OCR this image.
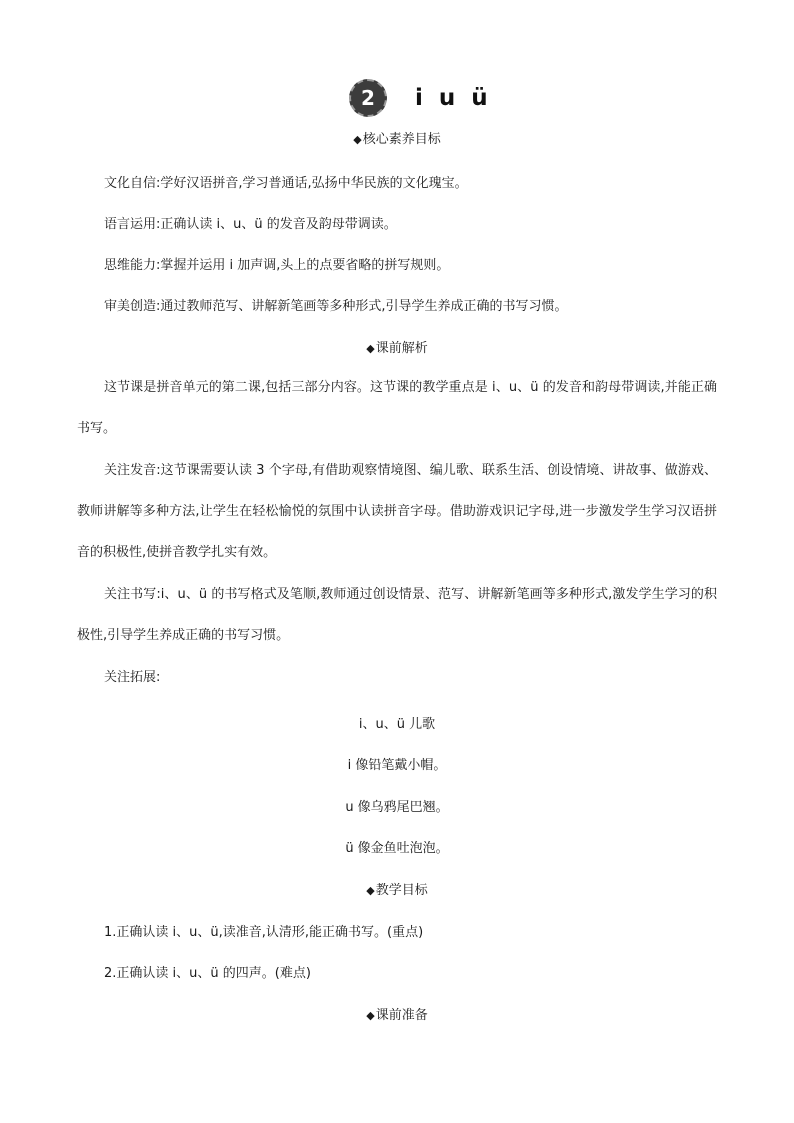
2 i u ü
◆核心素养目标
文化自信:学好汉语拼音,学习普通话,弘扬中华民族的文化瑰宝。
语言运用:正确认读 i、u、ü 的发音及韵母带调读。
思维能力:掌握并运用 i 加声调,头上的点要省略的拼写规则。
审美创造:通过教师范写、讲解新笔画等多种形式,引导学生养成正确的书写习惯。
◆课前解析

这节课是拼音单元的第二课,包括三部分内容。这节课的教学重点是 i、u、ü 的发音和韵母带调读,并能正确书写。

关注发音:这节课需要认读 3 个字母,有借助观察情境图、编儿歌、联系生活、创设情境、讲故事、做游戏、教师讲解等多种方法,让学生在轻松愉悦的氛围中认读拼音字母。借助游戏识记字母,进一步激发学生学习汉语拼音的积极性,使拼音教学扎实有效。

关注书写:i、u、ü 的书写格式及笔顺,教师通过创设情景、范写、讲解新笔画等多种形式,激发学生学习的积极性,引导学生养成正确的书写习惯。

关注拓展:

i、u、ü 儿歌
i 像铅笔戴小帽。
u 像乌鸦尾巴翘。
ü 像金鱼吐泡泡。
◆教学目标
1.正确认读 i、u、ü,读准音,认清形,能正确书写。(重点)
2.正确认读 i、u、ü 的四声。(难点)
◆课前准备
